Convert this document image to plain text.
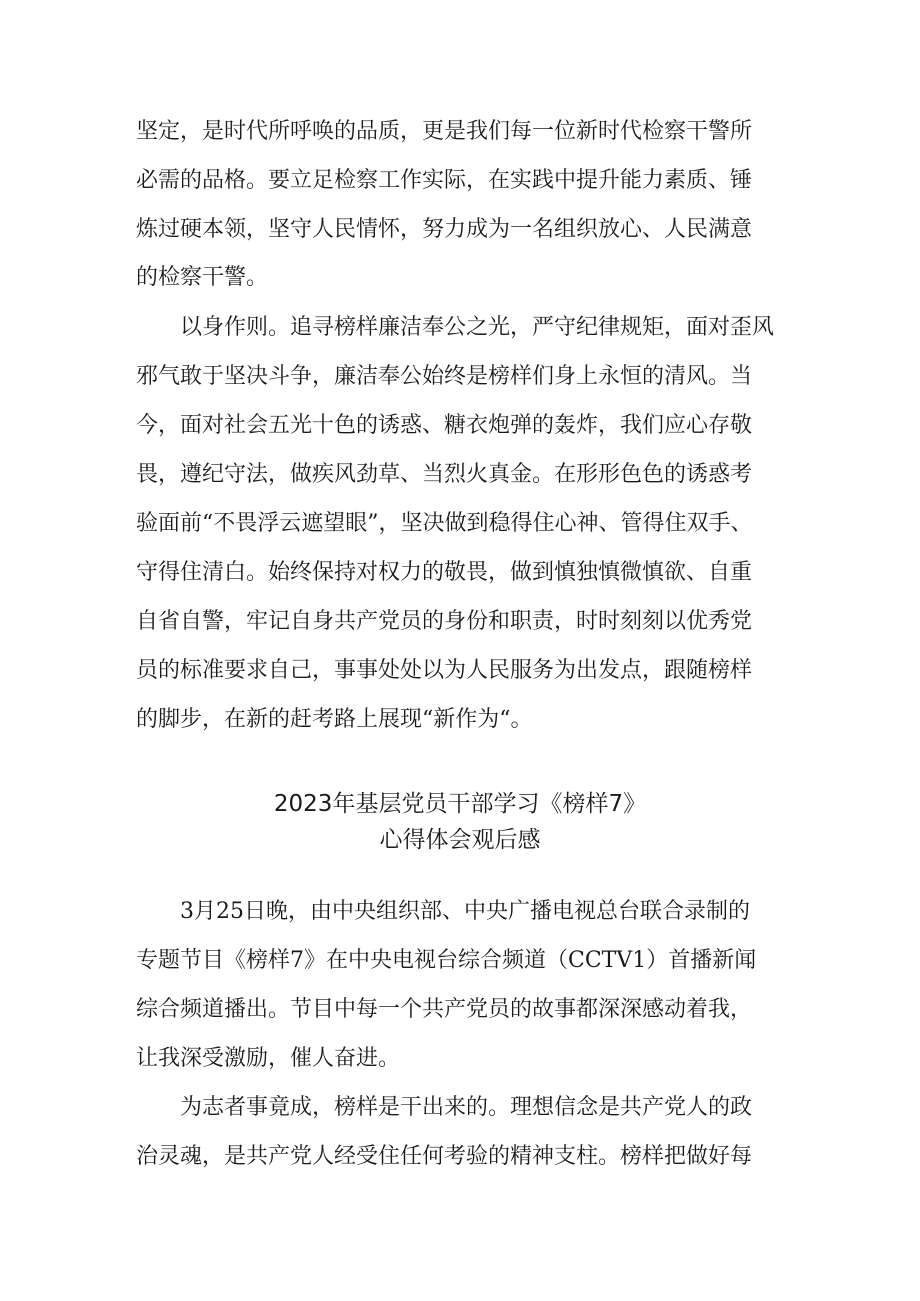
坚定，是时代所呼唤的品质，更是我们每一位新时代检察干警所

必需的品格。要立足检察工作实际，在实践中提升能力素质、锤

炼过硬本领，坚守人民情怀，努力成为一名组织放心、人民满意

的检察干警。

以身作则。追寻榜样廉洁奉公之光，严守纪律规矩，面对歪风

邪气敢于坚决斗争，廉洁奉公始终是榜样们身上永恒的清风。当

今，面对社会五光十色的诱惑、糖衣炮弹的轰炸，我们应心存敬

畏，遵纪守法，做疾风劲草、当烈火真金。在形形色色的诱惑考

验面前“不畏浮云遮望眼”，坚决做到稳得住心神、管得住双手、

守得住清白。始终保持对权力的敬畏，做到慎独慎微慎欲、自重

自省自警，牢记自身共产党员的身份和职责，时时刻刻以优秀党

员的标准要求自己，事事处处以为人民服务为出发点，跟随榜样

的脚步，在新的赶考路上展现“新作为“。

2023年基层党员干部学习《榜样7》
心得体会观后感

3月25日晚，由中央组织部、中央广播电视总台联合录制的

专题节目《榜样7》在中央电视台综合频道（CCTV1）首播新闻

综合频道播出。节目中每一个共产党员的故事都深深感动着我，

让我深受激励，催人奋进。

为志者事竟成，榜样是干出来的。理想信念是共产党人的政

治灵魂，是共产党人经受住任何考验的精神支柱。榜样把做好每
